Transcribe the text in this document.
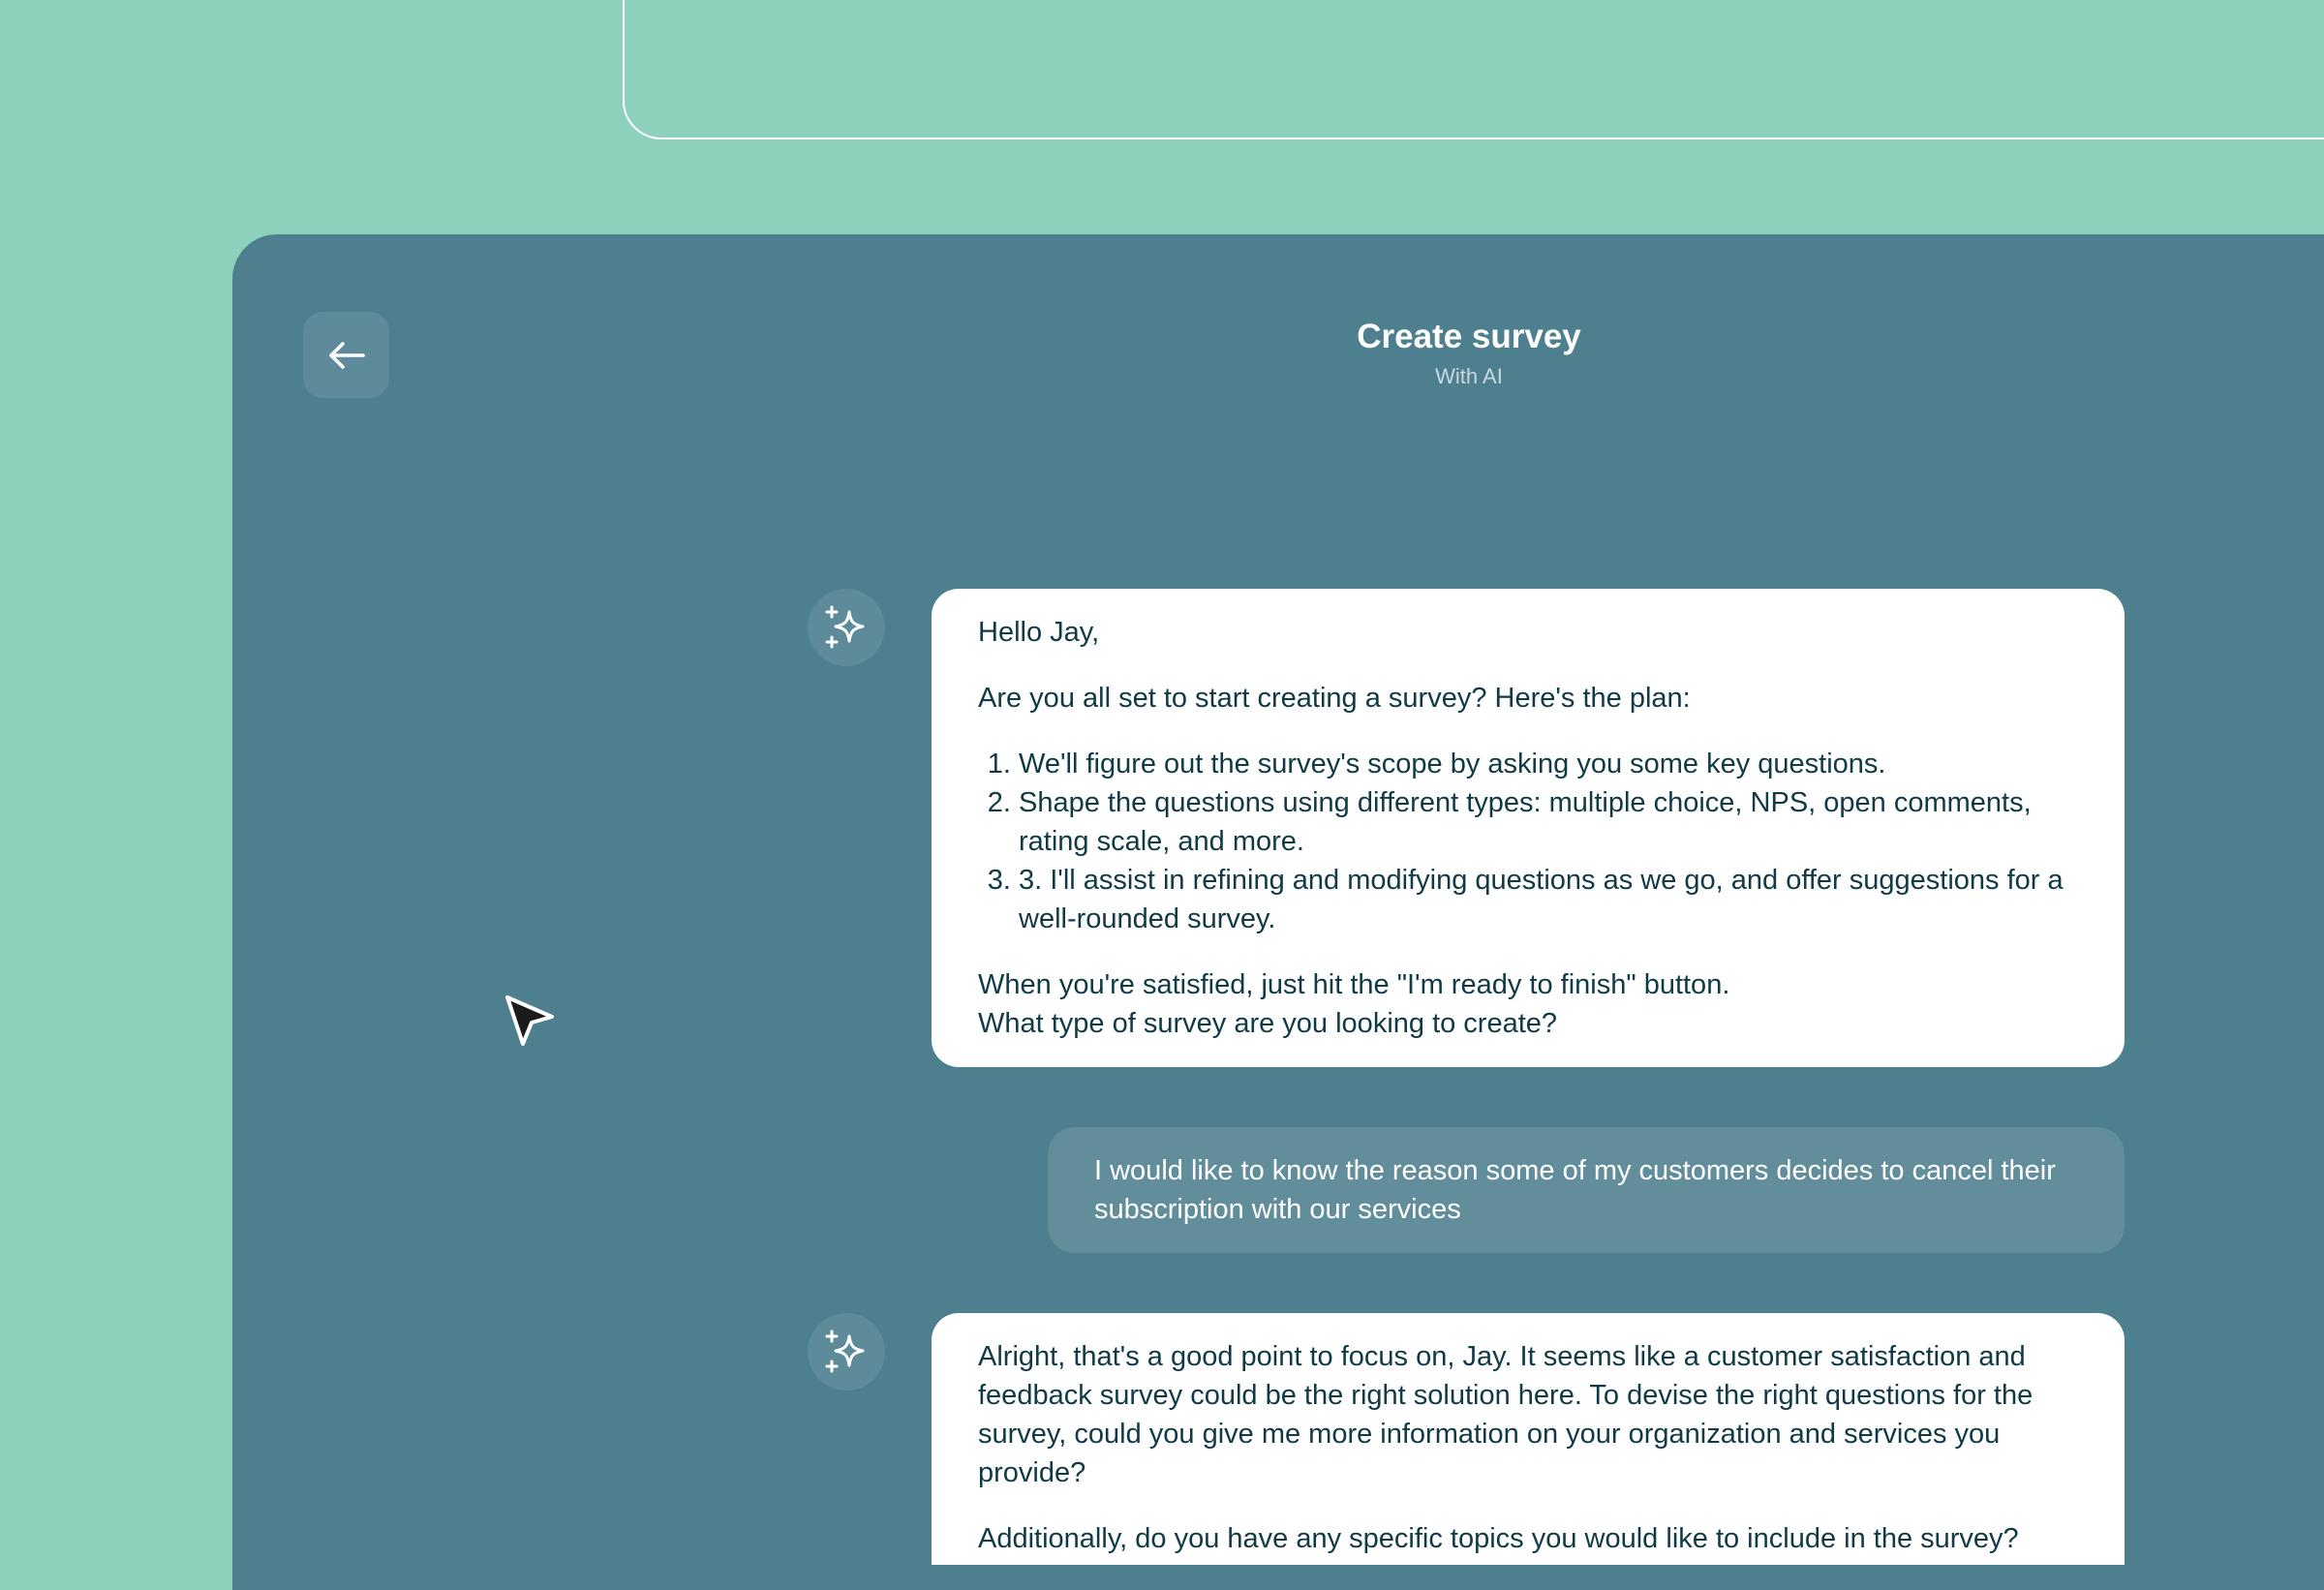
Create survey
With AI

Hello Jay,

Are you all set to start creating a survey? Here's the plan:

1. We'll figure out the survey's scope by asking you some key questions.
2. Shape the questions using different types: multiple choice, NPS, open comments, rating scale, and more.
3. 3. I'll assist in refining and modifying questions as we go, and offer suggestions for a well-rounded survey.

When you're satisfied, just hit the "I'm ready to finish" button.

What type of survey are you looking to create?

I would like to know the reason some of my customers decides to cancel their subscription with our services

Alright, that's a good point to focus on, Jay. It seems like a customer satisfaction and feedback survey could be the right solution here. To devise the right questions for the survey, could you give me more information on your organization and services you provide?

Additionally, do you have any specific topics you would like to include in the survey?
